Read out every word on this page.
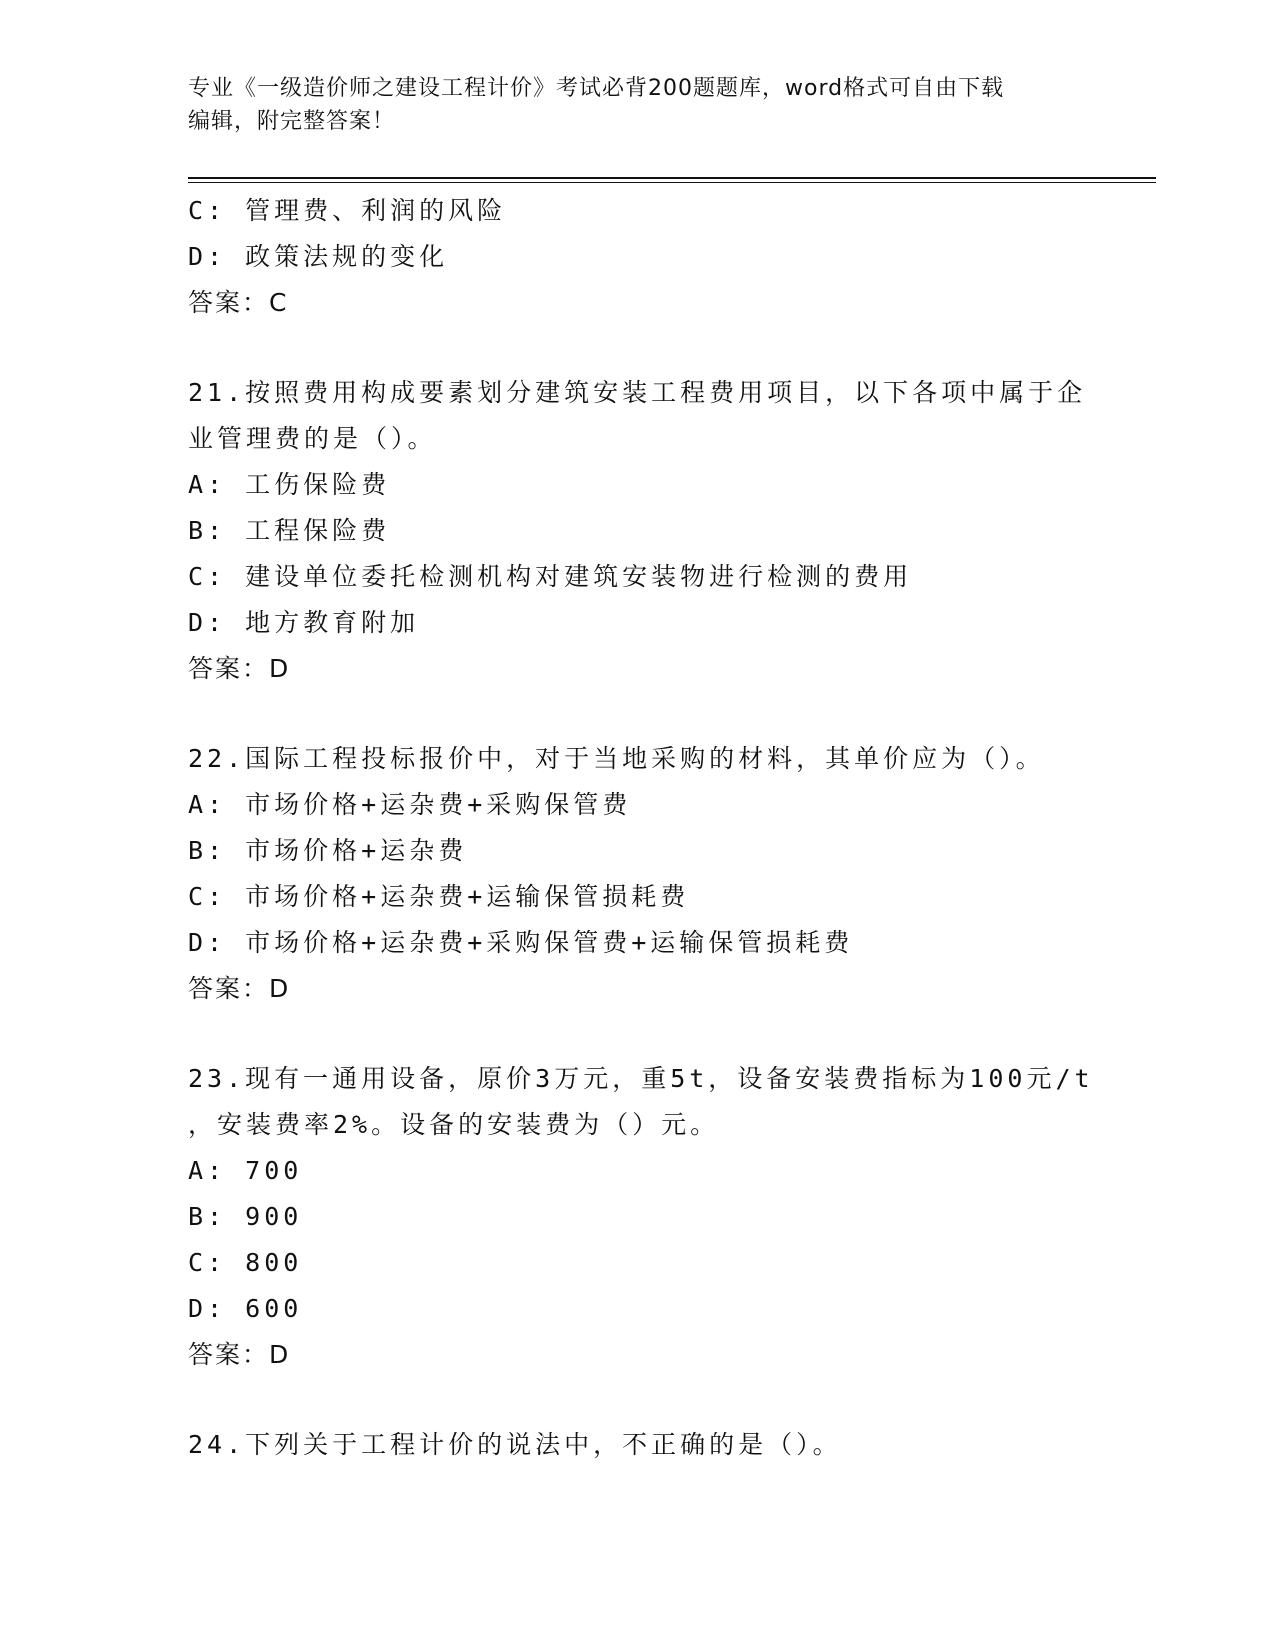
专业《一级造价师之建设工程计价》考试必背200题题库，word格式可自由下载
编辑，附完整答案！
C: 管理费、利润的风险
D: 政策法规的变化
答案：C
21.按照费用构成要素划分建筑安装工程费用项目，以下各项中属于企
业管理费的是（）。
A: 工伤保险费
B: 工程保险费
C: 建设单位委托检测机构对建筑安装物进行检测的费用
D: 地方教育附加
答案：D
22.国际工程投标报价中，对于当地采购的材料，其单价应为（）。
A: 市场价格+运杂费+采购保管费
B: 市场价格+运杂费
C: 市场价格+运杂费+运输保管损耗费
D: 市场价格+运杂费+采购保管费+运输保管损耗费
答案：D
23.现有一通用设备，原价3万元，重5t，设备安装费指标为100元/t
，安装费率2%。设备的安装费为（）元。
A: 700
B: 900
C: 800
D: 600
答案：D
24.下列关于工程计价的说法中，不正确的是（）。
